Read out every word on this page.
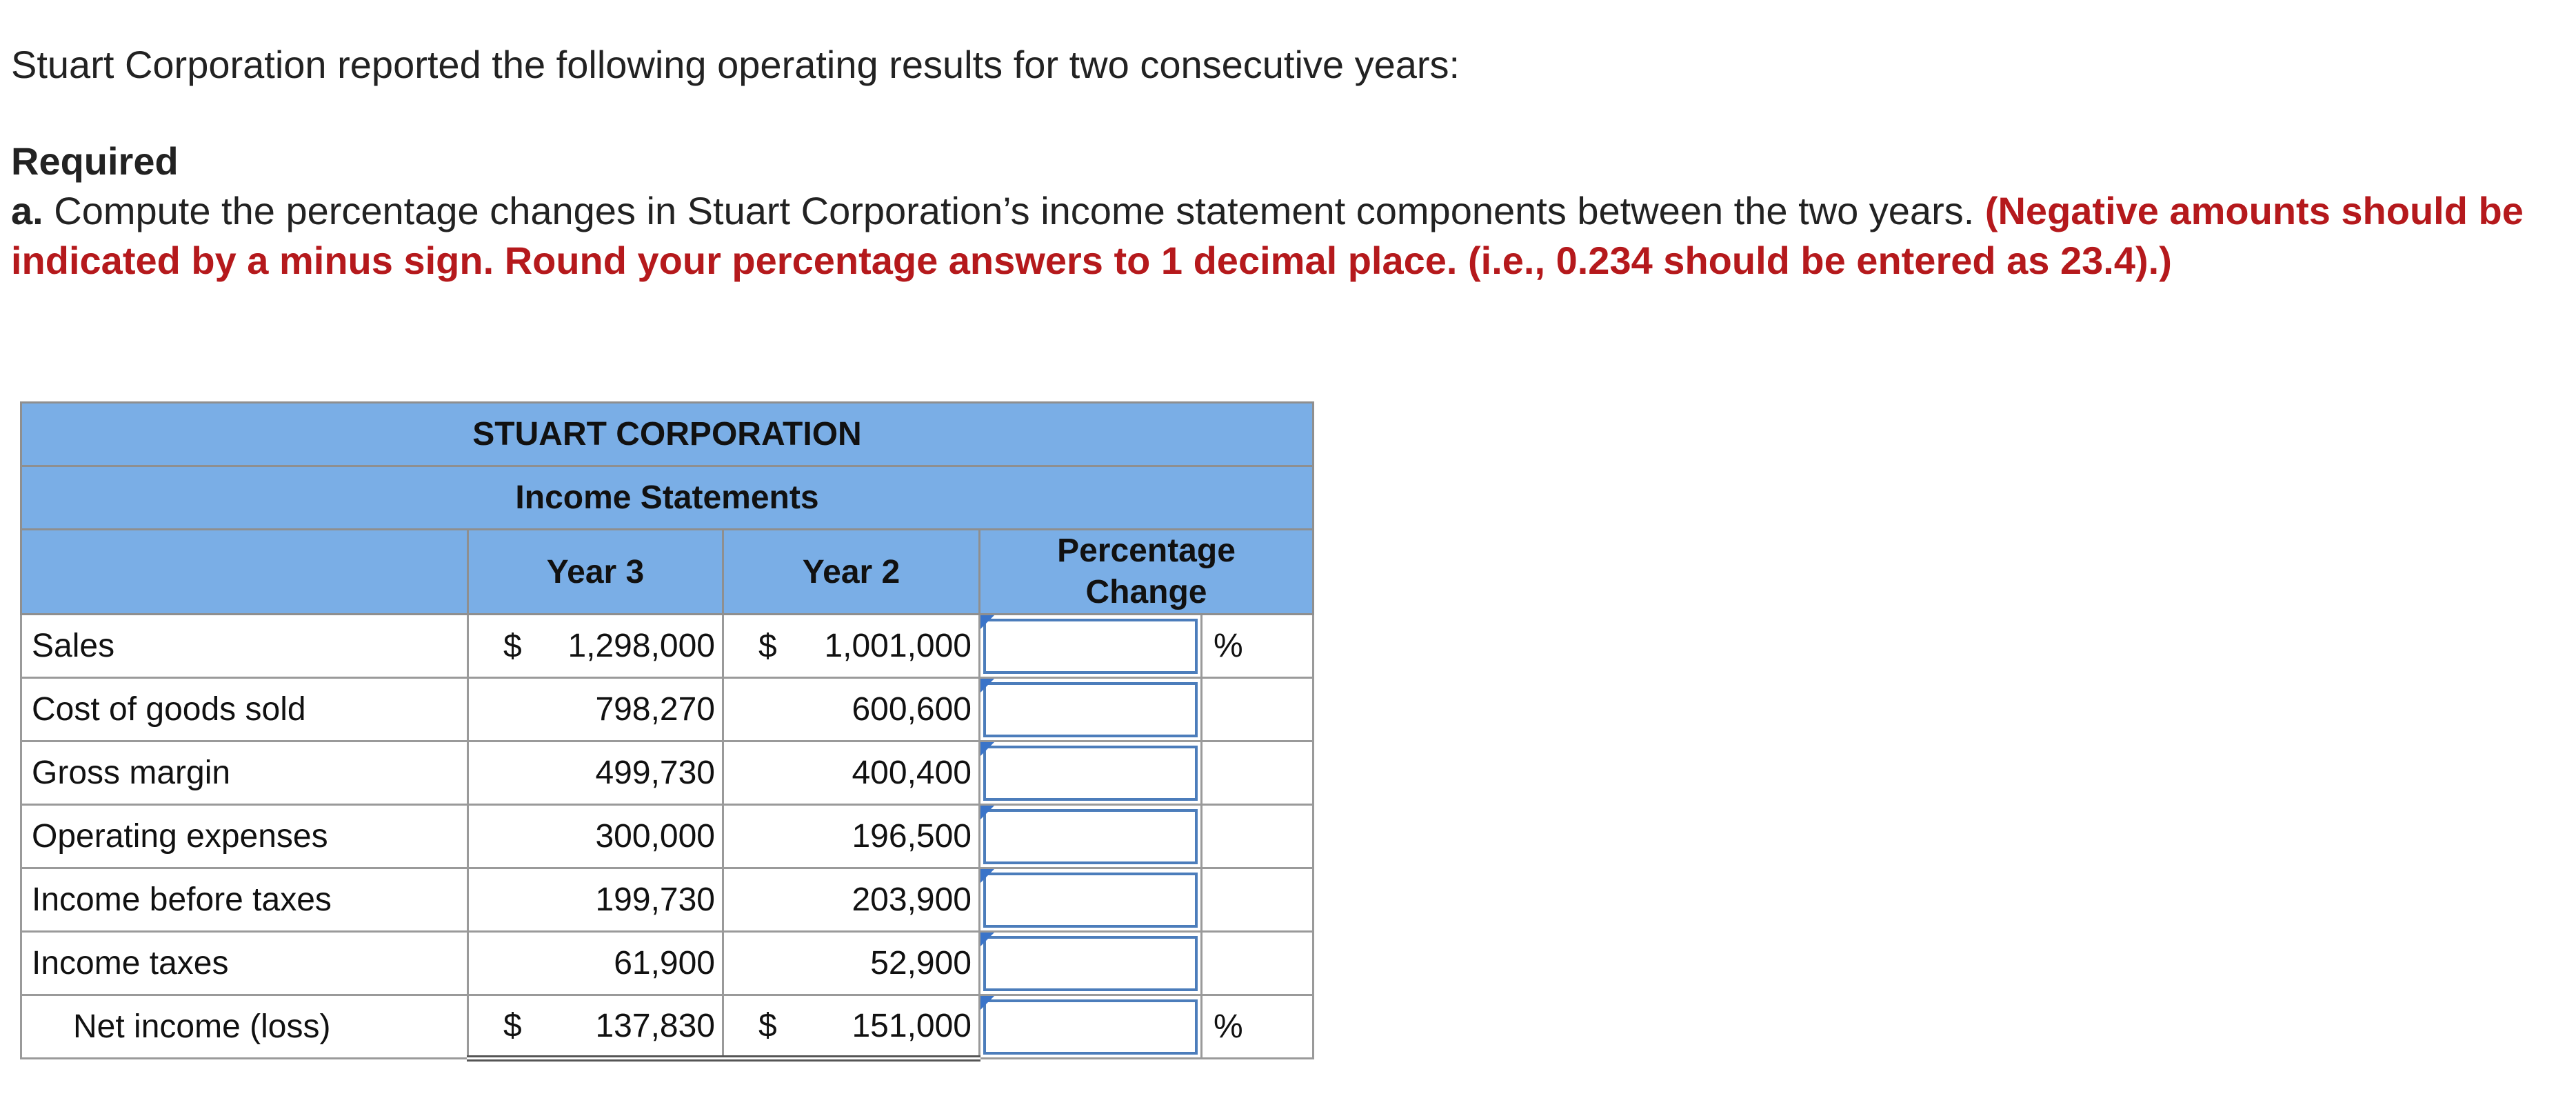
Stuart Corporation reported the following operating results for two consecutive years:
Required
a. Compute the percentage changes in Stuart Corporation’s income statement components between the two years. (Negative amounts should be indicated by a minus sign. Round your percentage answers to 1 decimal place. (i.e., 0.234 should be entered as 23.4).)
STUART CORPORATION				
Income Statements				
	Year 3	Year 2	Percentage Change	
Sales	$ 1,298,000	$ 1,001,000		%
Cost of goods sold	798,270	600,600	

Gross margin	499,730	400,400	

Operating expenses	300,000	196,500	

Income before taxes	199,730	203,900	

Income taxes	61,900	52,900	

Net income (loss)	$ 137,830	$ 151,000		%
